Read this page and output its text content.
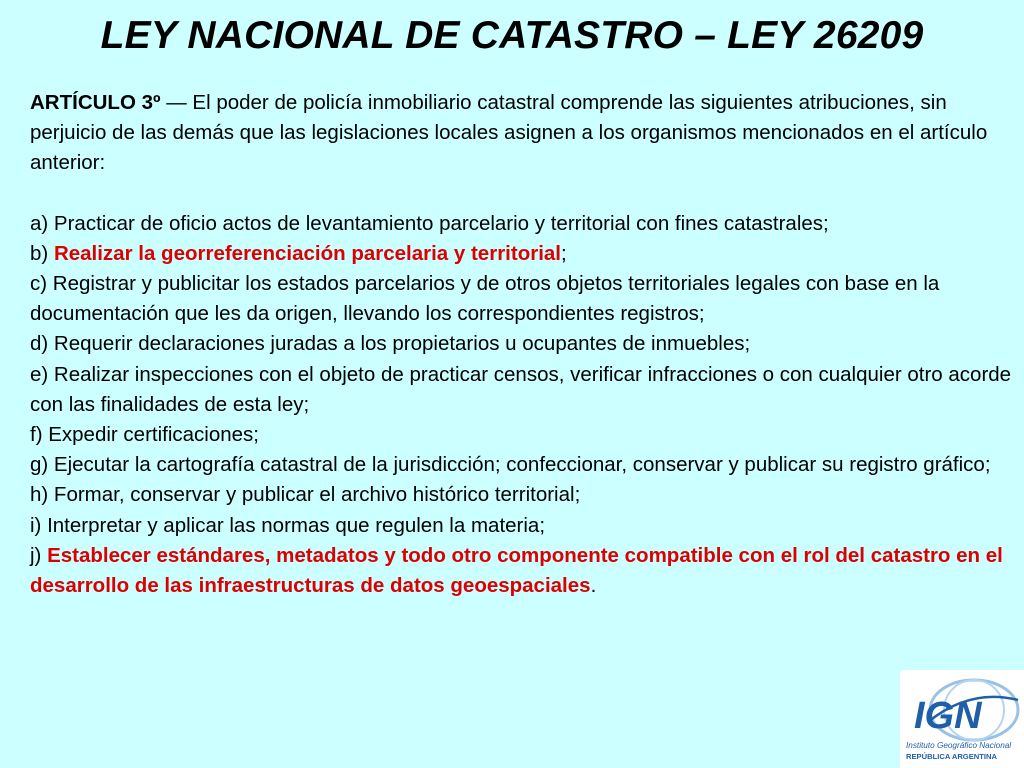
LEY NACIONAL DE CATASTRO – LEY 26209

ARTÍCULO 3º — El poder de policía inmobiliario catastral comprende las siguientes atribuciones, sin perjuicio de las demás que las legislaciones locales asignen a los organismos mencionados en el artículo anterior:

a) Practicar de oficio actos de levantamiento parcelario y territorial con fines catastrales;

b) Realizar la georreferenciación parcelaria y territorial;

c) Registrar y publicitar los estados parcelarios y de otros objetos territoriales legales con base en la documentación que les da origen, llevando los correspondientes registros;

d) Requerir declaraciones juradas a los propietarios u ocupantes de inmuebles;

e) Realizar inspecciones con el objeto de practicar censos, verificar infracciones o con cualquier otro acorde con las finalidades de esta ley;

f) Expedir certificaciones;

g) Ejecutar la cartografía catastral de la jurisdicción; confeccionar, conservar y publicar su registro gráfico;

h) Formar, conservar y publicar el archivo histórico territorial;

i) Interpretar y aplicar las normas que regulen la materia;

j) Establecer estándares, metadatos y todo otro componente compatible con el rol del catastro en el desarrollo de las infraestructuras de datos geoespaciales.

IGN
Instituto Geográfico Nacional
REPÚBLICA ARGENTINA
